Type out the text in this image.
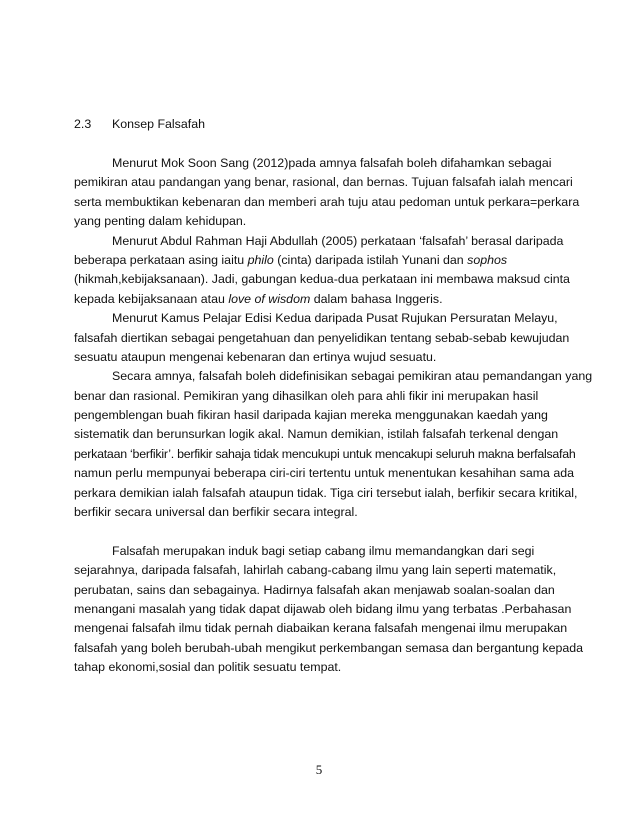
2.3 Konsep Falsafah
Menurut Mok Soon Sang (2012)pada amnya falsafah boleh difahamkan sebagai
pemikiran atau pandangan yang benar, rasional, dan bernas. Tujuan falsafah ialah mencari
serta membuktikan kebenaran dan memberi arah tuju atau pedoman untuk perkara=perkara
yang penting dalam kehidupan.
Menurut Abdul Rahman Haji Abdullah (2005) perkataan ‘falsafah’ berasal daripada
beberapa perkataan asing iaitu philo (cinta) daripada istilah Yunani dan sophos
(hikmah,kebijaksanaan). Jadi, gabungan kedua-dua perkataan ini membawa maksud cinta
kepada kebijaksanaan atau love of wisdom dalam bahasa Inggeris.
Menurut Kamus Pelajar Edisi Kedua daripada Pusat Rujukan Persuratan Melayu,
falsafah diertikan sebagai pengetahuan dan penyelidikan tentang sebab-sebab kewujudan
sesuatu ataupun mengenai kebenaran dan ertinya wujud sesuatu.
Secara amnya, falsafah boleh didefinisikan sebagai pemikiran atau pemandangan yang
benar dan rasional. Pemikiran yang dihasilkan oleh para ahli fikir ini merupakan hasil
pengemblengan buah fikiran hasil daripada kajian mereka menggunakan kaedah yang
sistematik dan berunsurkan logik akal. Namun demikian, istilah falsafah terkenal dengan
perkataan ‘berfikir’. berfikir sahaja tidak mencukupi untuk mencakupi seluruh makna berfalsafah
namun perlu mempunyai beberapa ciri-ciri tertentu untuk menentukan kesahihan sama ada
perkara demikian ialah falsafah ataupun tidak. Tiga ciri tersebut ialah, berfikir secara kritikal,
berfikir secara universal dan berfikir secara integral.
Falsafah merupakan induk bagi setiap cabang ilmu memandangkan dari segi
sejarahnya, daripada falsafah, lahirlah cabang-cabang ilmu yang lain seperti matematik,
perubatan, sains dan sebagainya. Hadirnya falsafah akan menjawab soalan-soalan dan
menangani masalah yang tidak dapat dijawab oleh bidang ilmu yang terbatas .Perbahasan
mengenai falsafah ilmu tidak pernah diabaikan kerana falsafah mengenai ilmu merupakan
falsafah yang boleh berubah-ubah mengikut perkembangan semasa dan bergantung kepada
tahap ekonomi,sosial dan politik sesuatu tempat.
5
